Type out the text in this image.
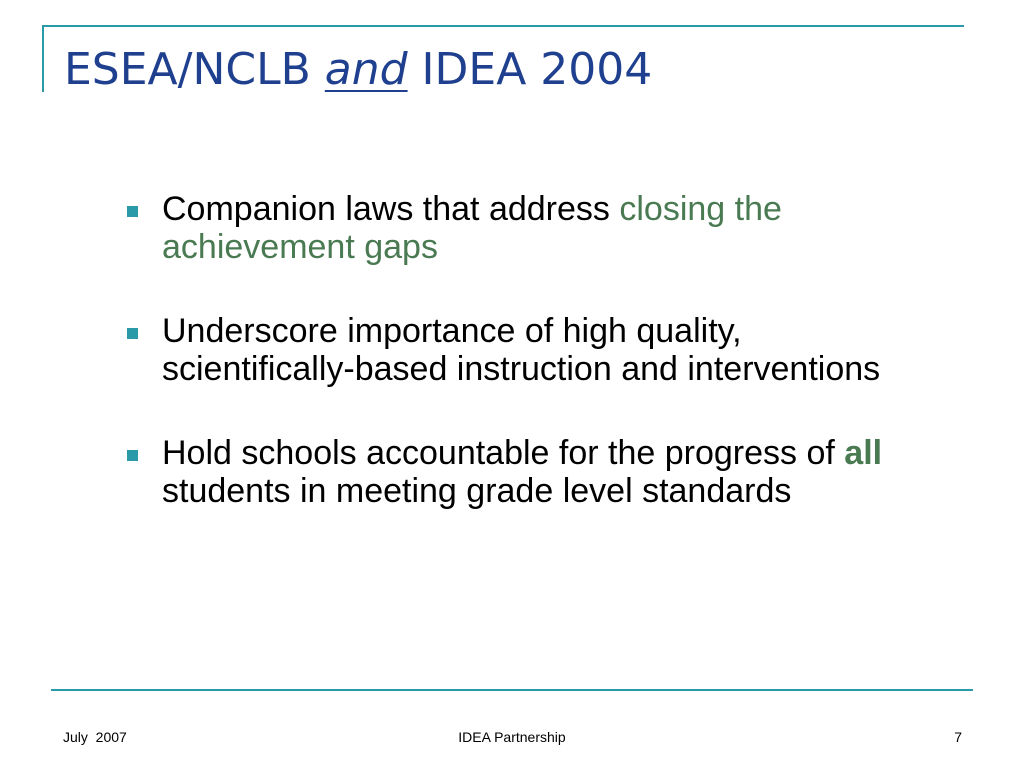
ESEA/NCLB and IDEA 2004
Companion laws that address closing the achievement gaps
Underscore importance of high quality, scientifically-based instruction and interventions
Hold schools accountable for the progress of all students in meeting grade level standards
July  2007	IDEA Partnership	7
